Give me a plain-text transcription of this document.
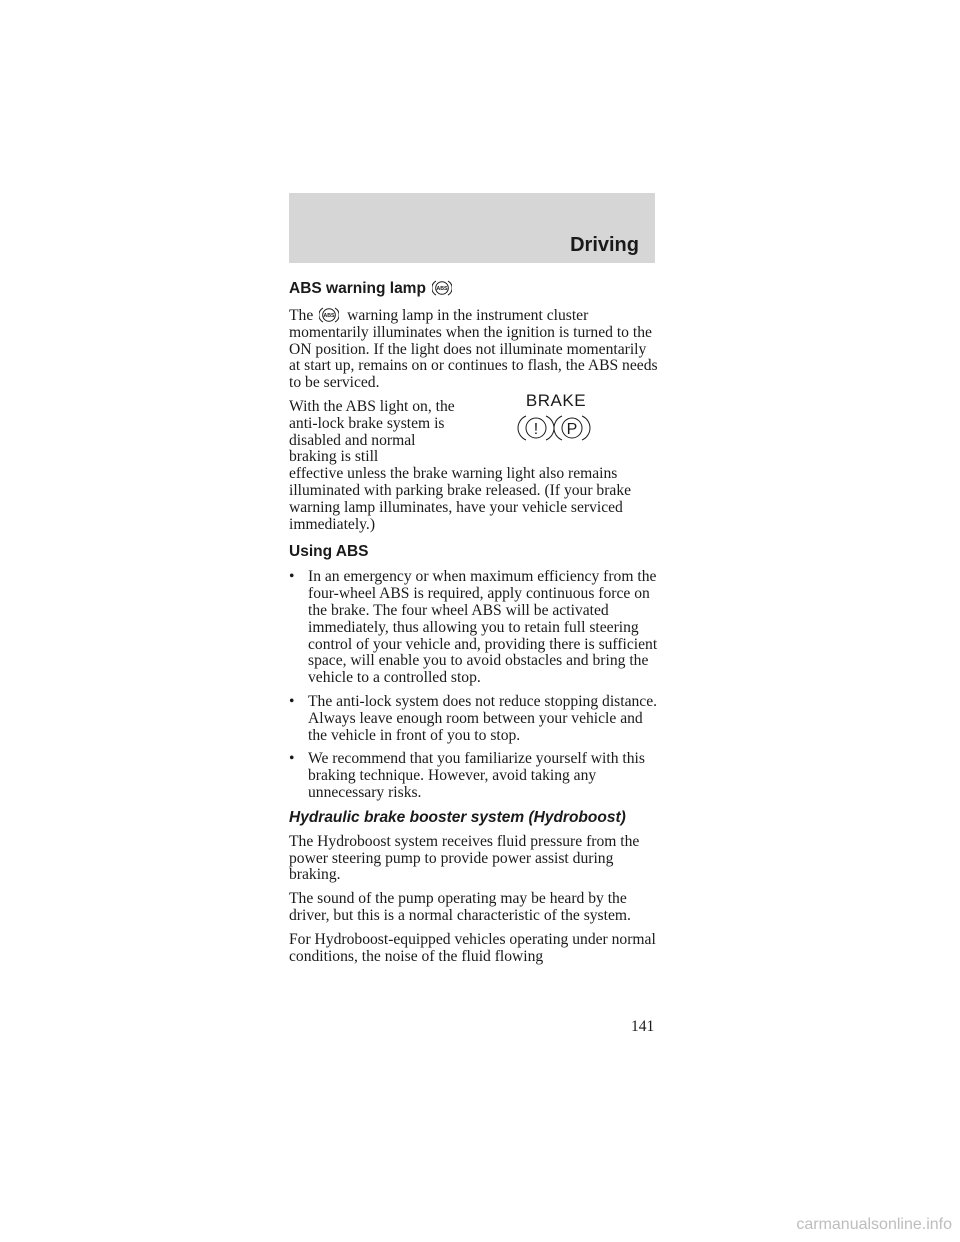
Driving
ABS warning lamp ABS

The ABS warning lamp in the instrument cluster momentarily illuminates when the ignition is turned to the ON position. If the light does not illuminate momentarily at start up, remains on or continues to flash, the ABS needs to be serviced.

With the ABS light on, the anti-lock brake system is disabled and normal braking is still
BRAKE
! P

effective unless the brake warning light also remains illuminated with parking brake released. (If your brake warning lamp illuminates, have your vehicle serviced immediately.)

Using ABS
• In an emergency or when maximum efficiency from the four-wheel ABS is required, apply continuous force on the brake. The four wheel ABS will be activated immediately, thus allowing you to retain full steering control of your vehicle and, providing there is sufficient space, will enable you to avoid obstacles and bring the vehicle to a controlled stop.
• The anti-lock system does not reduce stopping distance. Always leave enough room between your vehicle and the vehicle in front of you to stop.
• We recommend that you familiarize yourself with this braking technique. However, avoid taking any unnecessary risks.
Hydraulic brake booster system (Hydroboost)

The Hydroboost system receives fluid pressure from the power steering pump to provide power assist during braking.

The sound of the pump operating may be heard by the driver, but this is a normal characteristic of the system.

For Hydroboost-equipped vehicles operating under normal conditions, the noise of the fluid flowing

141
carmanualsonline.info
